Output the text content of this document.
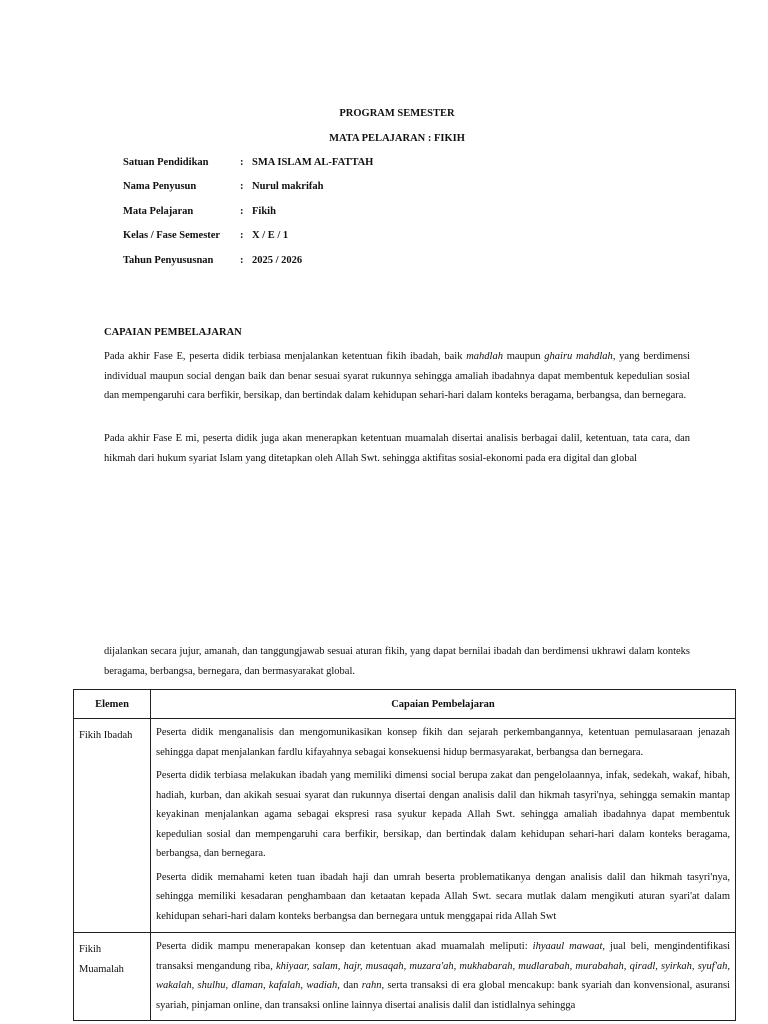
PROGRAM SEMESTER
MATA PELAJARAN : FIKIH
Satuan Pendidikan	: SMA ISLAM AL-FATTAH
Nama Penyusun	: Nurul makrifah
Mata Pelajaran	: Fikih
Kelas / Fase Semester : X / E / 1
Tahun Penyususnan	: 2025 / 2026
CAPAIAN PEMBELAJARAN

Pada akhir Fase E, peserta didik terbiasa menjalankan ketentuan fikih ibadah, baik mahdlah maupun ghairu mahdlah, yang berdimensi individual maupun social dengan baik dan benar sesuai syarat rukunnya sehingga amaliah ibadahnya dapat membentuk kepedulian sosial dan mempengaruhi cara berfikir, bersikap, dan bertindak dalam kehidupan sehari-hari dalam konteks beragama, berbangsa, dan bernegara.

Pada akhir Fase E mi, peserta didik juga akan menerapkan ketentuan muamalah disertai analisis berbagai dalil, ketentuan, tata cara, dan hikmah dari hukum syariat Islam yang ditetapkan oleh Allah Swt. sehingga aktifitas sosial-ekonomi pada era digital dan global

dijalankan secara jujur, amanah, dan tanggungjawab sesuai aturan fikih, yang dapat bernilai ibadah dan berdimensi ukhrawi dalam konteks beragama, berbangsa, bernegara, dan bermasyarakat global.

Elemen	Capaian Pembelajaran
Fikih Ibadah	Peserta didik menganalisis dan mengomunikasikan konsep fikih dan sejarah perkembangannya, ketentuan pemulasaraan jenazah sehingga dapat menjalankan fardlu kifayahnya sebagai konsekuensi hidup bermasyarakat, berbangsa dan bernegara.

Peserta didik terbiasa melakukan ibadah yang memiliki dimensi social berupa zakat dan pengelolaannya, infak, sedekah, wakaf, hibah, hadiah, kurban, dan akikah sesuai syarat dan rukunnya disertai dengan analisis dalil dan hikmah tasyri'nya, sehingga semakin mantap keyakinan menjalankan agama sebagai ekspresi rasa syukur kepada Allah Swt. sehingga amaliah ibadahnya dapat membentuk kepedulian sosial dan mempengaruhi cara berfikir, bersikap, dan bertindak dalam kehidupan sehari-hari dalam konteks beragama, berbangsa, dan bernegara.

Peserta didik memahami keten tuan ibadah haji dan umrah beserta problematikanya dengan analisis dalil dan hikmah tasyri'nya, sehingga memiliki kesadaran penghambaan dan ketaatan kepada Allah Swt. secara mutlak dalam mengikuti aturan syari'at dalam kehidupan sehari-hari dalam konteks berbangsa dan bernegara untuk menggapai rida Allah Swt

Fikih Muamalah	Peserta didik mampu menerapakan konsep dan ketentuan akad muamalah meliputi: ihyaaul mawaat, jual beli, mengindentifikasi transaksi mengandung riba, khiyaar, salam, hajr, musaqah, muzara'ah, mukhabarah, mudlarabah, murabahah, qiradl, syirkah, syuf'ah, wakalah, shulhu, dlaman, kafalah, wadiah, dan rahn, serta transaksi di era global mencakup: bank syariah dan konvensional, asuransi syariah, pinjaman online, dan transaksi online lainnya disertai analisis dalil dan istidlalnya sehingga
